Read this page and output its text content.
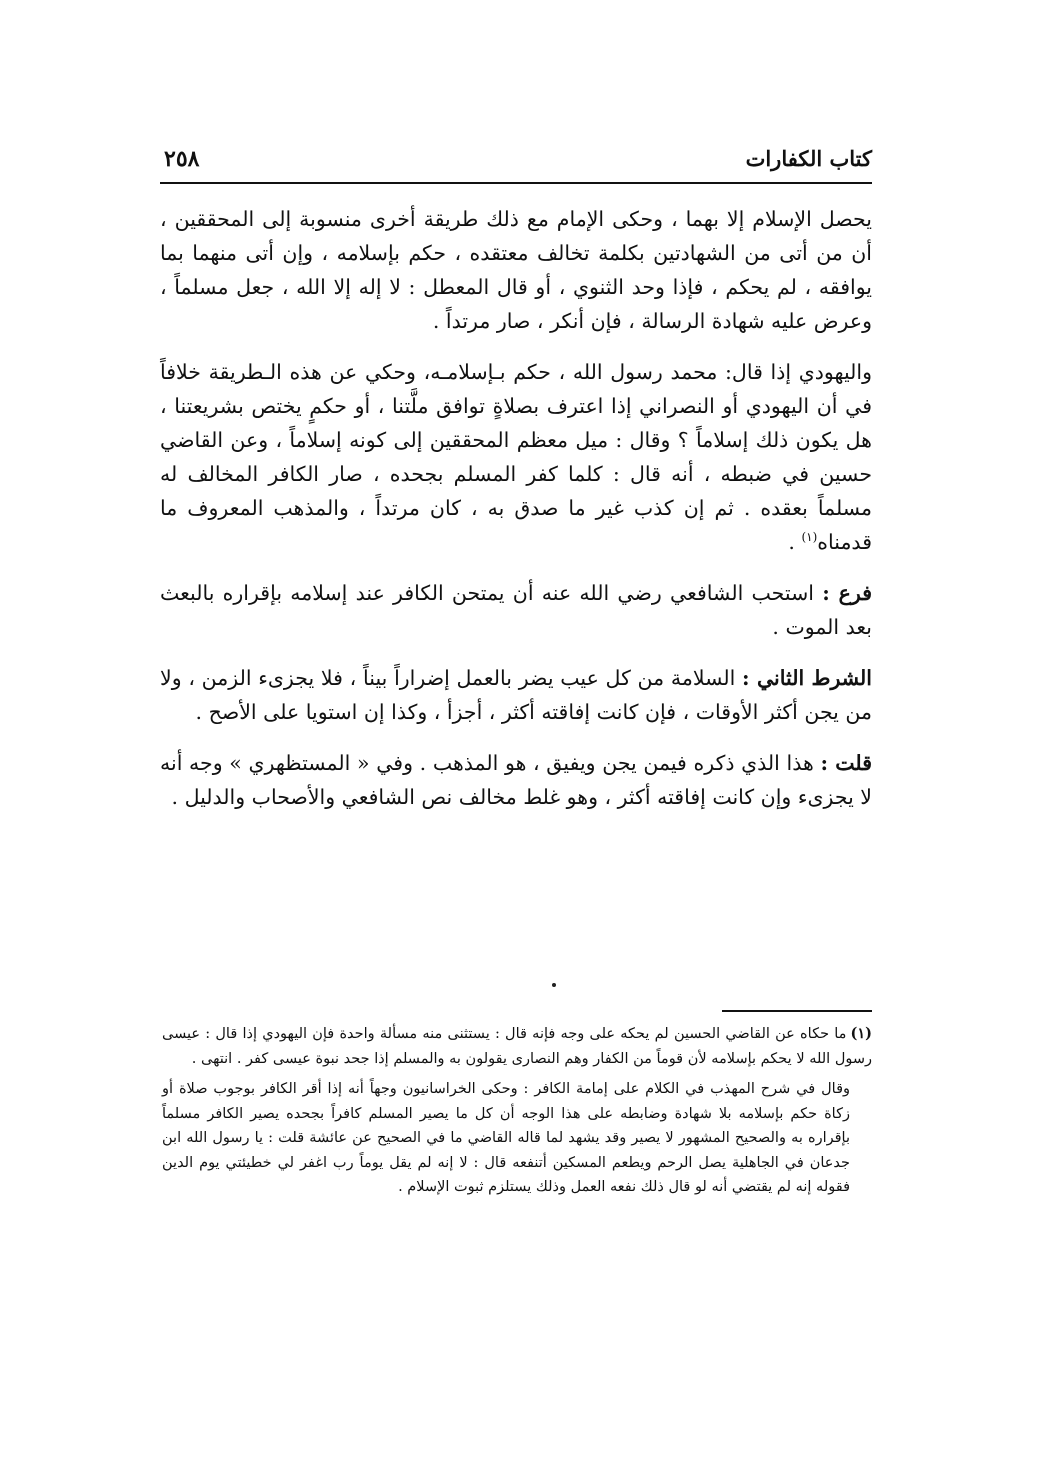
كتاب الكفارات
٢٥٨

يحصل الإسلام إلا بهما ، وحكى الإمام مع ذلك طريقة أخرى منسوبة إلى المحققين ، أن من أتى من الشهادتين بكلمة تخالف معتقده ، حكم بإسلامه ، وإن أتى منهما بما يوافقه ، لم يحكم ، فإذا وحد الثنوي ، أو قال المعطل : لا إله إلا الله ، جعل مسلماً ، وعرض عليه شهادة الرسالة ، فإن أنكر ، صار مرتداً .

واليهودي إذا قال: محمد رسول الله ، حكم بـإسلامـه، وحكي عن هذه الـطريقة خلافاً في أن اليهودي أو النصراني إذا اعترف بصلاةٍ توافق ملَّتنا ، أو حكمٍ يختص بشريعتنا ، هل يكون ذلك إسلاماً ؟ وقال : ميل معظم المحققين إلى كونه إسلاماً ، وعن القاضي حسين في ضبطه ، أنه قال : كلما كفر المسلم بجحده ، صار الكافر المخالف له مسلماً بعقده . ثم إن كذب غير ما صدق به ، كان مرتداً ، والمذهب المعروف ما قدمناه$^{(١)}$ .

فرع : استحب الشافعي رضي الله عنه أن يمتحن الكافر عند إسلامه بإقراره بالبعث بعد الموت .

الشرط الثاني : السلامة من كل عيب يضر بالعمل إضراراً بيناً ، فلا يجزىء الزمن ، ولا من يجن أكثر الأوقات ، فإن كانت إفاقته أكثر ، أجزأ ، وكذا إن استويا على الأصح .

قلت : هذا الذي ذكره فيمن يجن ويفيق ، هو المذهب . وفي « المستظهري » وجه أنه لا يجزىء وإن كانت إفاقته أكثر ، وهو غلط مخالف نص الشافعي والأصحاب والدليل .

(١)ما حكاه عن القاضي الحسين لم يحكه على وجه فإنه قال : يستثنى منه مسألة واحدة فإن اليهودي إذا قال : عيسى رسول الله لا يحكم بإسلامه لأن قوماً من الكفار وهم النصارى يقولون به والمسلم إذا جحد نبوة عيسى كفر . انتهى .

وقال في شرح المهذب في الكلام على إمامة الكافر : وحكى الخراسانيون وجهاً أنه إذا أقر الكافر بوجوب صلاة أو زكاة حكم بإسلامه بلا شهادة وضابطه على هذا الوجه أن كل ما يصير المسلم كافراً بجحده يصير الكافر مسلماً بإقراره به والصحيح المشهور لا يصير وقد يشهد لما قاله القاضي ما في الصحيح عن عائشة قلت : يا رسول الله ابن جدعان في الجاهلية يصل الرحم ويطعم المسكين أتنفعه قال : لا إنه لم يقل يوماً رب اغفر لي خطيئتي يوم الدين فقوله إنه لم يقتضي أنه لو قال ذلك نفعه العمل وذلك يستلزم ثبوت الإسلام .
